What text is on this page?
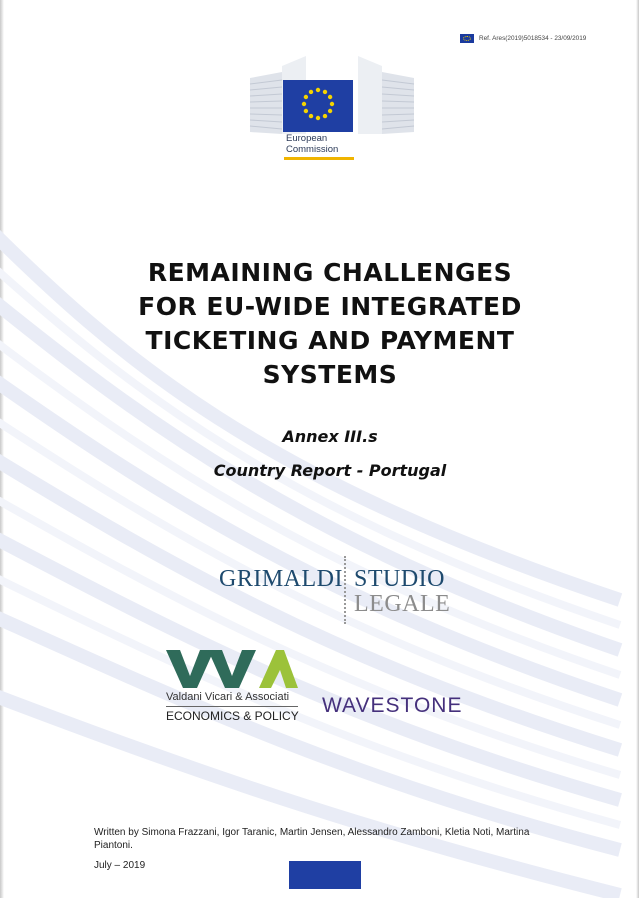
Ref. Ares(2019)5018534 - 23/09/2019
European
Commission
REMAINING CHALLENGES
FOR EU-WIDE INTEGRATED
TICKETING AND PAYMENT
SYSTEMS
Annex III.s
Country Report - Portugal
GRIMALDI STUDIO
LEGALE
Valdani Vicari & Associati
ECONOMICS & POLICY WAVESTONE
Written by Simona Frazzani, Igor Taranic, Martin Jensen, Alessandro Zamboni, Kletia Noti, Martina Piantoni.
July – 2019
